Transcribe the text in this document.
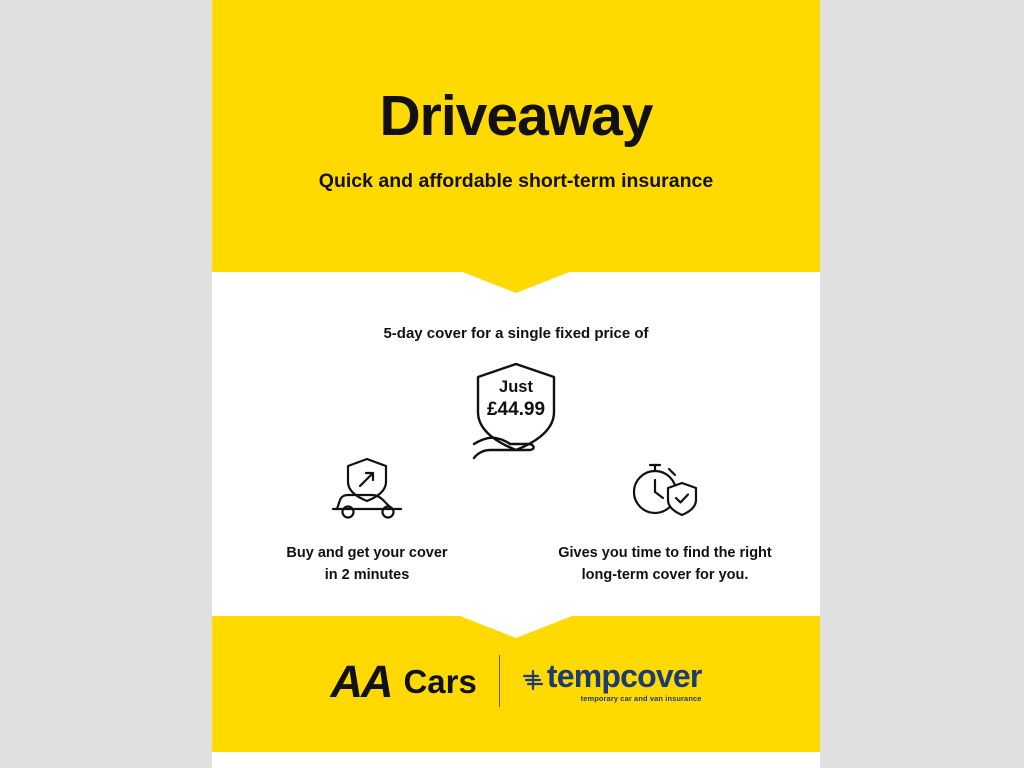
Driveaway
Quick and affordable short-term insurance
5-day cover for a single fixed price of
Just
£44.99
Buy and get your cover
in 2 minutes
Gives you time to find the right
long-term cover for you.
AA Cars tempcover
temporary car and van insurance
